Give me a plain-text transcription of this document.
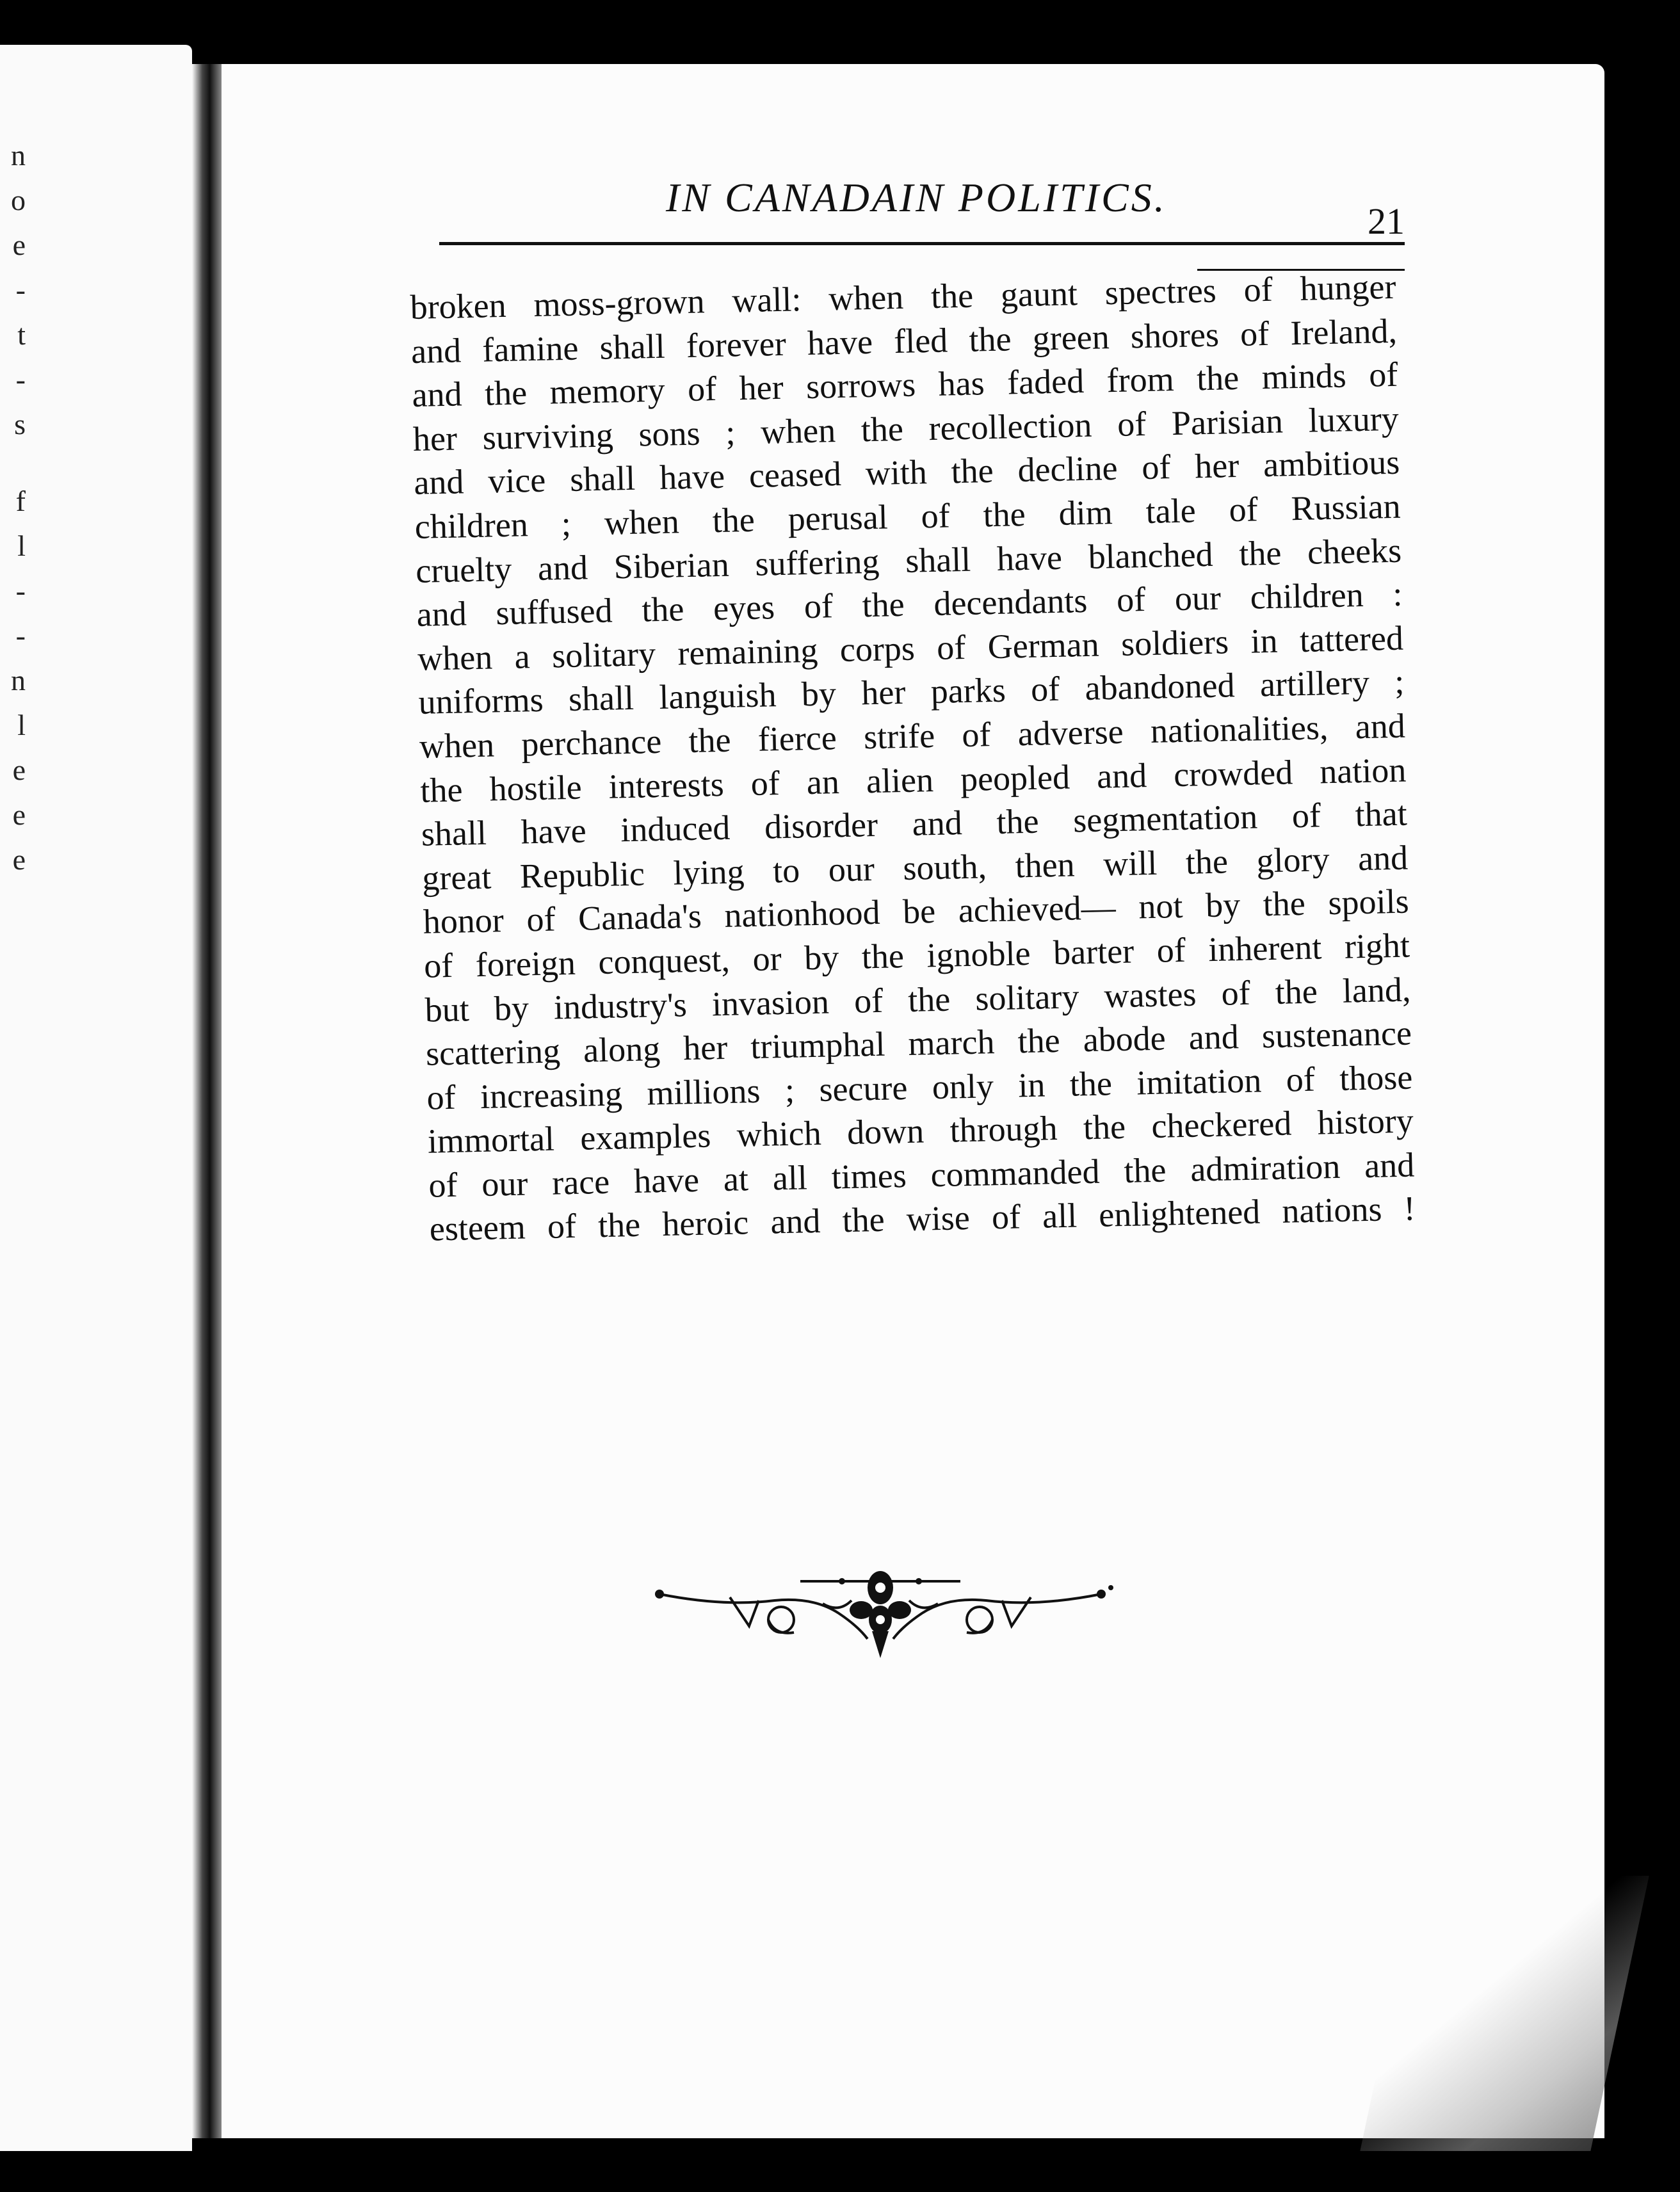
n
o
e
-
t
-
s
f
l
-
-
n
l
e
e
e
IN CANADAIN POLITICS.
21
broken moss-grown wall: when the gaunt spectres of hunger
and famine shall forever have fled the green shores of Ireland,
and the memory of her sorrows has faded from the minds of
her surviving sons ; when the recollection of Parisian luxury
and vice shall have ceased with the decline of her ambitious
children ; when the perusal of the dim tale of Russian
cruelty and Siberian suffering shall have blanched the cheeks
and suffused the eyes of the decendants of our children :
when a solitary remaining corps of German soldiers in tattered
uniforms shall languish by her parks of abandoned artillery ;
when perchance the fierce strife of adverse nationalities, and
the hostile interests of an alien peopled and crowded nation
shall have induced disorder and the segmentation of that
great Republic lying to our south, then will the glory and
honor of Canada's nationhood be achieved— not by the spoils
of foreign conquest, or by the ignoble barter of inherent right
but by industry's invasion of the solitary wastes of the land,
scattering along her triumphal march the abode and sustenance
of increasing millions ; secure only in the imitation of those
immortal examples which down through the checkered history
of our race have at all times commanded the admiration and
esteem of the heroic and the wise of all enlightened nations !
